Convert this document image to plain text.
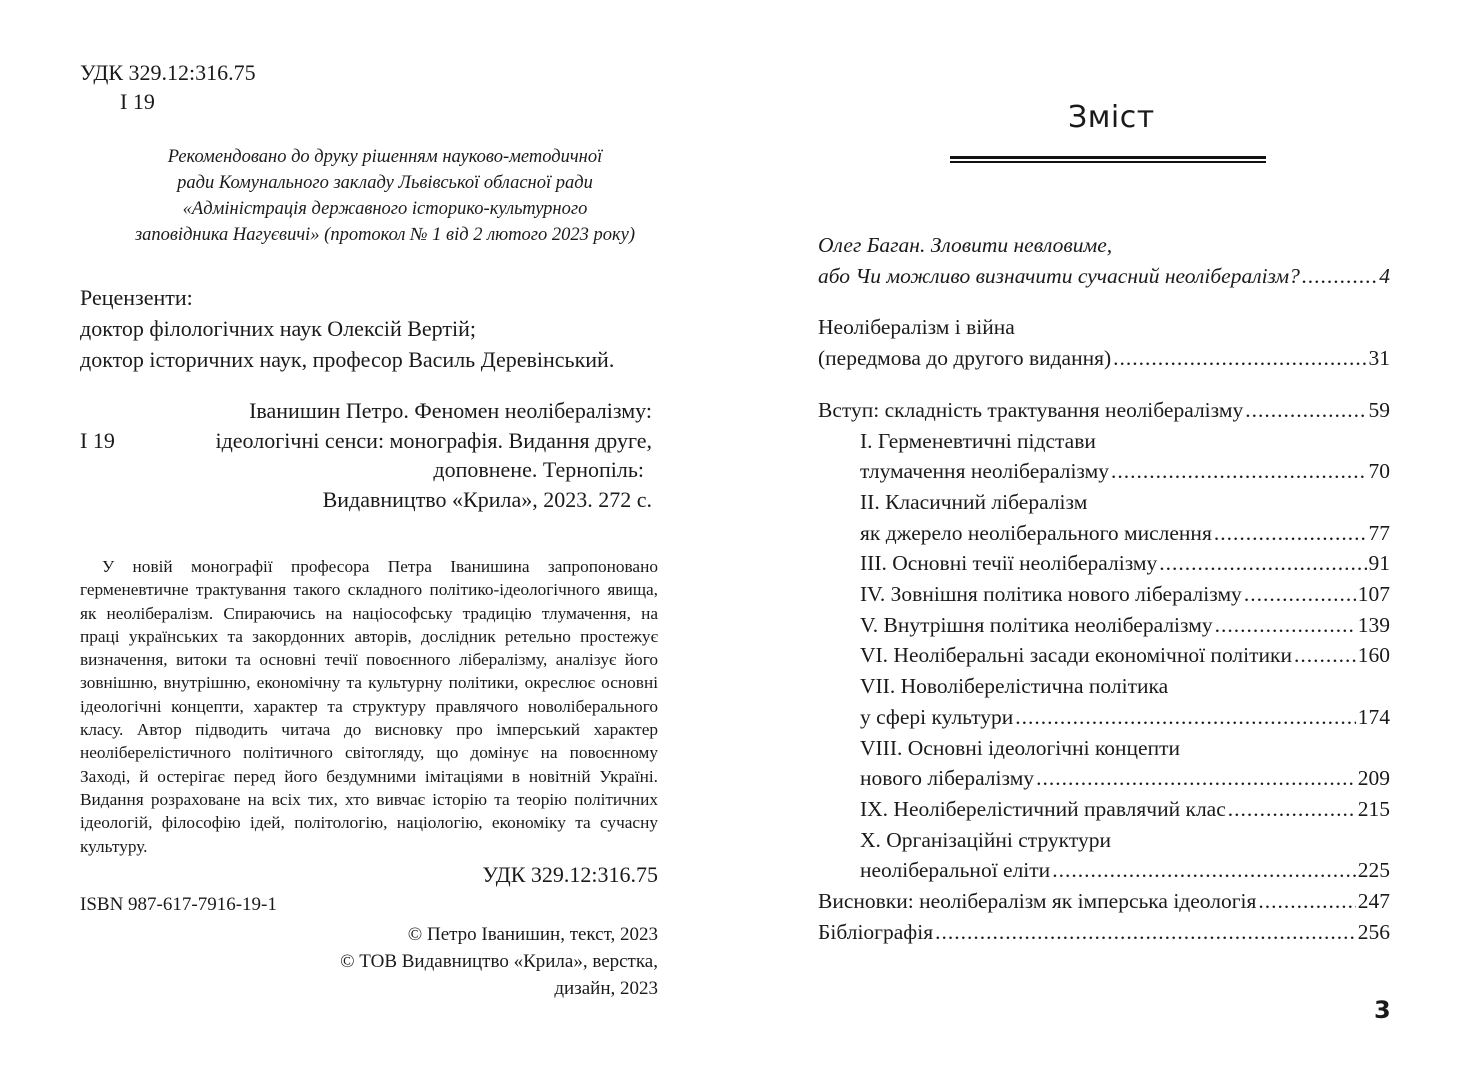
УДК 329.12:316.75
І 19
Рекомендовано до друку рішенням науково-методичної
ради Комунального закладу Львівської обласної ради
«Адміністрація державного історико-культурного
заповідника Нагуєвичі» (протокол № 1 від 2 лютого 2023 року)
Рецензенти:
доктор філологічних наук Олексій Вертій;
доктор історичних наук, професор Василь Деревінський.
Іванишин Петро. Феномен неолібералізму:
І 19	ідеологічні сенси: монографія. Видання друге,
доповнене. Тернопіль:
Видавництво «Крила», 2023. 272 с.
У новій монографії професора Петра Іванишина запропоновано герменевтичне трактування такого складного політико-ідеологічного явища, як неолібералізм. Спираючись на націософську традицію тлумачення, на праці українських та закордонних авторів, дослідник ретельно простежує визначення, витоки та основні течії повоєнного лібералізму, аналізує його зовнішню, внутрішню, економічну та культурну політики, окреслює основні ідеологічні концепти, характер та структуру правлячого новоліберального класу. Автор підводить читача до висновку про імперський характер неоліберелістичного політичного світогляду, що домінує на повоєнному Заході, й остерігає перед його бездумними імітаціями в новітній Україні. Видання розраховане на всіх тих, хто вивчає історію та теорію політичних ідеологій, філософію ідей, політологію, націологію, економіку та сучасну культуру.
УДК 329.12:316.75
ISBN 987-617-7916-19-1
© Петро Іванишин, текст, 2023
© ТОВ Видавництво «Крила», верстка, дизайн, 2023
Зміст
Олег Баган. Зловити невловиме,
або Чи можливо визначити сучасний неолібералізм? .....	4
Неолібералізм і війна
(передмова до другого видання) .....	31
Вступ: складність трактування неолібералізму .....	59
I. Герменевтичні підстави
тлумачення неолібералізму .....	70
II. Класичний лібералізм
як джерело неоліберального мислення .....	77
III. Основні течії неолібералізму .....	91
IV. Зовнішня політика нового лібералізму .....	107
V. Внутрішня політика неолібералізму .....	139
VI. Неоліберальні засади економічної політики .....	160
VII. Новоліберелістична політика
у сфері культури .....	174
VIII. Основні ідеологічні концепти
нового лібералізму .....	209
IX. Неоліберелістичний правлячий клас .....	215
X. Організаційні структури
неоліберальної еліти .....	225
Висновки: неолібералізм як імперська ідеологія .....	247
Бібліографія .....	256
3
